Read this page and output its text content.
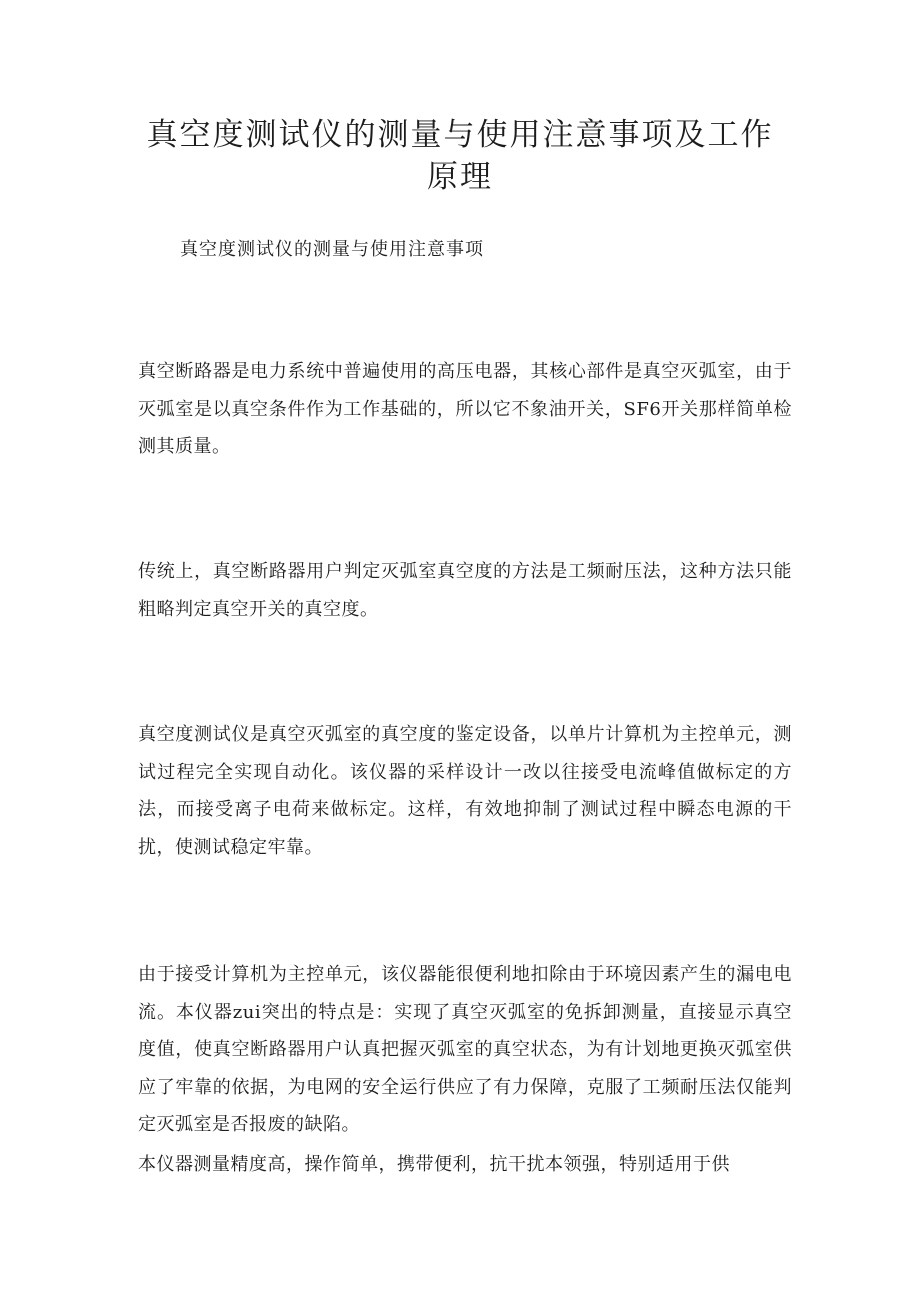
真空度测试仪的测量与使用注意事项及工作
原理

真空度测试仪的测量与使用注意事项

真空断路器是电力系统中普遍使用的高压电器，其核心部件是真空灭弧室，由于灭弧室是以真空条件作为工作基础的，所以它不象油开关，SF6开关那样简单检测其质量。

传统上，真空断路器用户判定灭弧室真空度的方法是工频耐压法，这种方法只能粗略判定真空开关的真空度。

真空度测试仪是真空灭弧室的真空度的鉴定设备，以单片计算机为主控单元，测试过程完全实现自动化。该仪器的采样设计一改以往接受电流峰值做标定的方法，而接受离子电荷来做标定。这样，有效地抑制了测试过程中瞬态电源的干扰，使测试稳定牢靠。

由于接受计算机为主控单元，该仪器能很便利地扣除由于环境因素产生的漏电电流。本仪器zui突出的特点是：实现了真空灭弧室的免拆卸测量，直接显示真空度值，使真空断路器用户认真把握灭弧室的真空状态，为有计划地更换灭弧室供应了牢靠的依据，为电网的安全运行供应了有力保障，克服了工频耐压法仅能判定灭弧室是否报废的缺陷。

本仪器测量精度高，操作简单，携带便利，抗干扰本领强，特别适用于供
